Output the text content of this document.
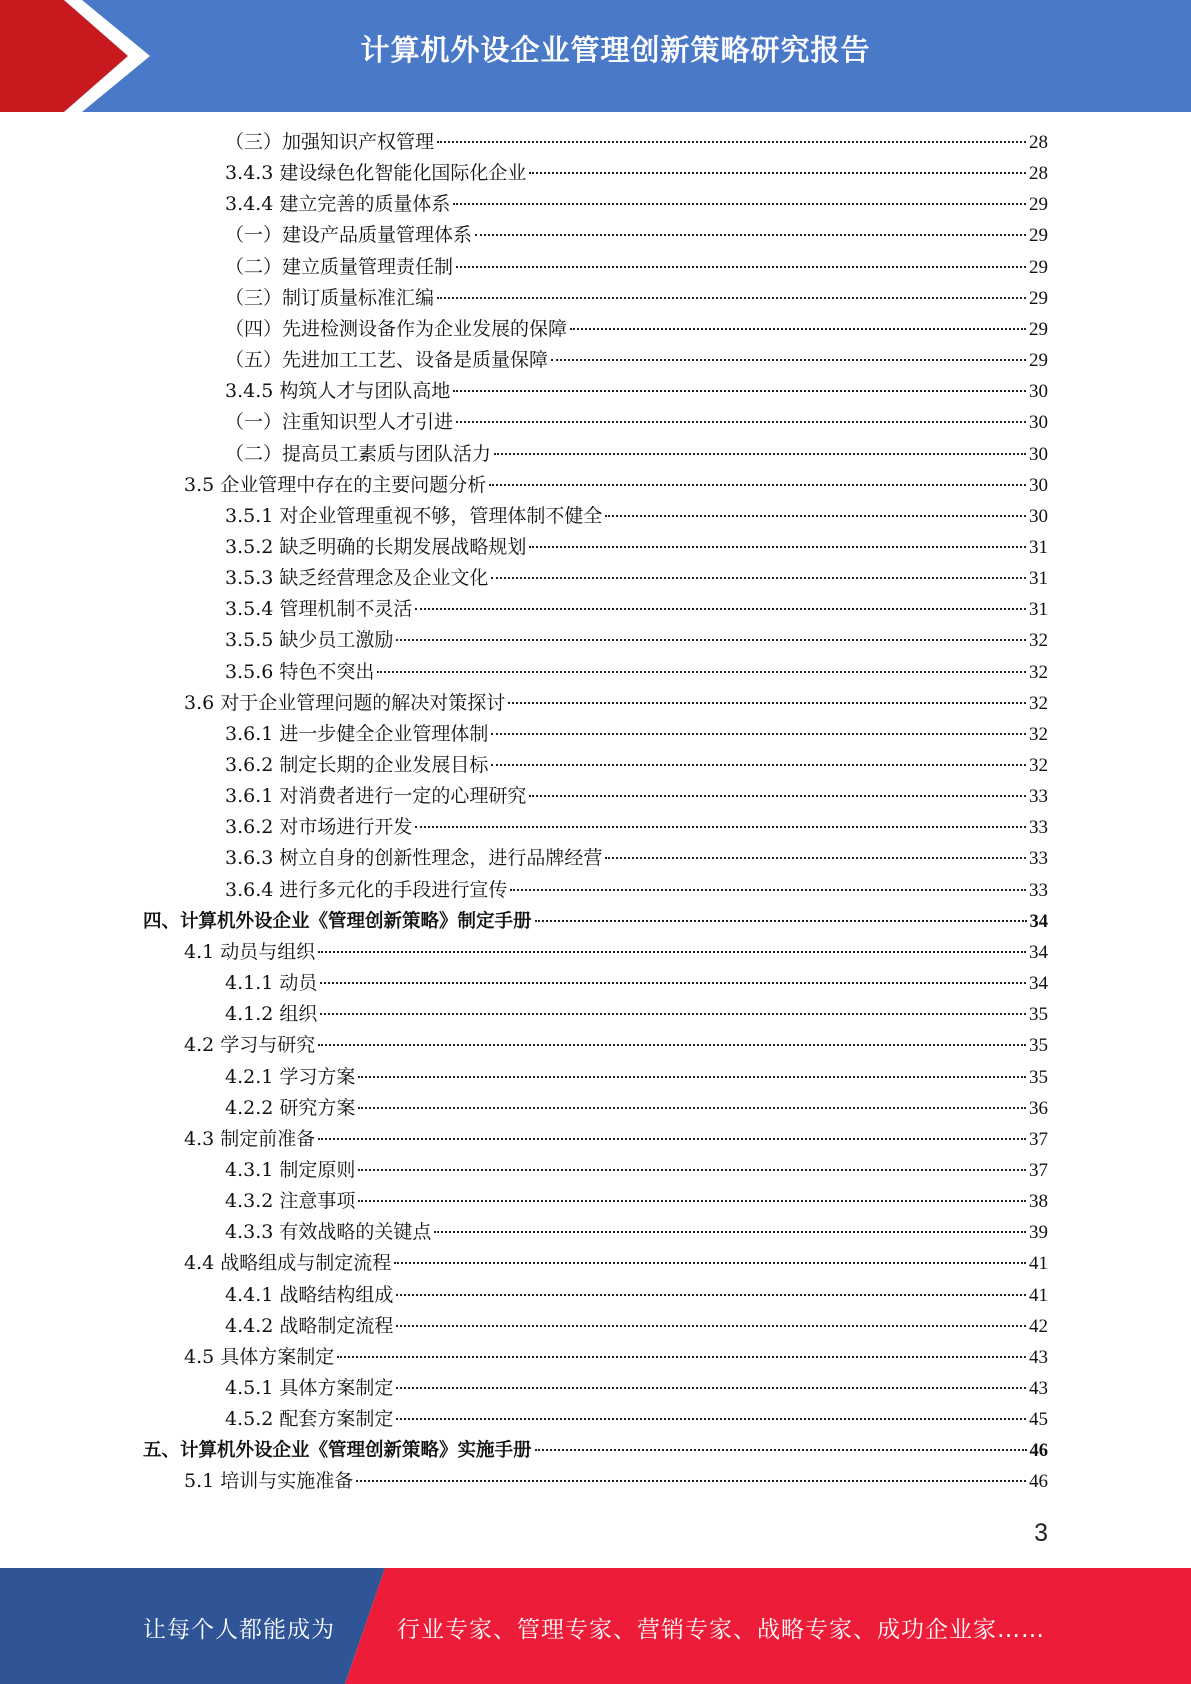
计算机外设企业管理创新策略研究报告
（三）加强知识产权管理	28
3.4.3 建设绿色化智能化国际化企业	28
3.4.4 建立完善的质量体系	29
（一）建设产品质量管理体系	29
（二）建立质量管理责任制	29
（三）制订质量标准汇编	29
（四）先进检测设备作为企业发展的保障	29
（五）先进加工工艺、设备是质量保障	29
3.4.5 构筑人才与团队高地	30
（一）注重知识型人才引进	30
（二）提高员工素质与团队活力	30
3.5 企业管理中存在的主要问题分析	30
3.5.1 对企业管理重视不够，管理体制不健全	30
3.5.2 缺乏明确的长期发展战略规划	31
3.5.3 缺乏经营理念及企业文化	31
3.5.4 管理机制不灵活	31
3.5.5 缺少员工激励	32
3.5.6 特色不突出	32
3.6 对于企业管理问题的解决对策探讨	32
3.6.1 进一步健全企业管理体制	32
3.6.2 制定长期的企业发展目标	32
3.6.1 对消费者进行一定的心理研究	33
3.6.2 对市场进行开发	33
3.6.3 树立自身的创新性理念，进行品牌经营	33
3.6.4 进行多元化的手段进行宣传	33
四、计算机外设企业《管理创新策略》制定手册	34
4.1 动员与组织	34
4.1.1 动员	34
4.1.2 组织	35
4.2 学习与研究	35
4.2.1 学习方案	35
4.2.2 研究方案	36
4.3 制定前准备	37
4.3.1 制定原则	37
4.3.2 注意事项	38
4.3.3 有效战略的关键点	39
4.4 战略组成与制定流程	41
4.4.1 战略结构组成	41
4.4.2 战略制定流程	42
4.5 具体方案制定	43
4.5.1 具体方案制定	43
4.5.2 配套方案制定	45
五、计算机外设企业《管理创新策略》实施手册	46
5.1 培训与实施准备	46
3
让每个人都能成为	行业专家、管理专家、营销专家、战略专家、成功企业家……
